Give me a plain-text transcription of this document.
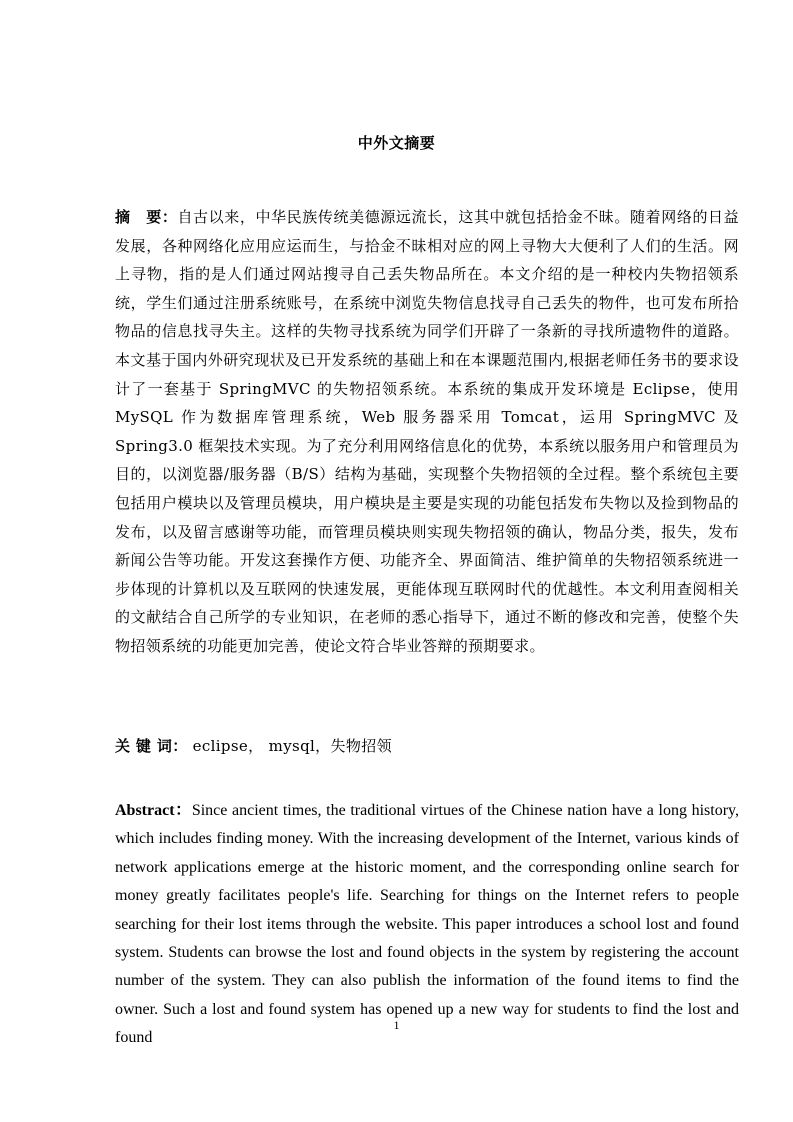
中外文摘要
摘　要：自古以来，中华民族传统美德源远流长，这其中就包括拾金不昧。随着网络的日益发展，各种网络化应用应运而生，与拾金不昧相对应的网上寻物大大便利了人们的生活。网上寻物，指的是人们通过网站搜寻自己丢失物品所在。本文介绍的是一种校内失物招领系统，学生们通过注册系统账号，在系统中浏览失物信息找寻自己丢失的物件，也可发布所拾物品的信息找寻失主。这样的失物寻找系统为同学们开辟了一条新的寻找所遗物件的道路。本文基于国内外研究现状及已开发系统的基础上和在本课题范围内,根据老师任务书的要求设计了一套基于 SpringMVC 的失物招领系统。本系统的集成开发环境是 Eclipse，使用 MySQL 作为数据库管理系统，Web 服务器采用 Tomcat，运用 SpringMVC 及 Spring3.0 框架技术实现。为了充分利用网络信息化的优势，本系统以服务用户和管理员为目的，以浏览器/服务器（B/S）结构为基础，实现整个失物招领的全过程。整个系统包主要包括用户模块以及管理员模块，用户模块是主要是实现的功能包括发布失物以及捡到物品的发布，以及留言感谢等功能，而管理员模块则实现失物招领的确认，物品分类，报失，发布新闻公告等功能。开发这套操作方便、功能齐全、界面简洁、维护简单的失物招领系统进一步体现的计算机以及互联网的快速发展，更能体现互联网时代的优越性。本文利用查阅相关的文献结合自己所学的专业知识，在老师的悉心指导下，通过不断的修改和完善，使整个失物招领系统的功能更加完善，使论文符合毕业答辩的预期要求。
关 键 词： eclipse， mysql，失物招领
Abstract：Since ancient times, the traditional virtues of the Chinese nation have a long history, which includes finding money. With the increasing development of the Internet, various kinds of network applications emerge at the historic moment, and the corresponding online search for money greatly facilitates people's life. Searching for things on the Internet refers to people searching for their lost items through the website. This paper introduces a school lost and found system. Students can browse the lost and found objects in the system by registering the account number of the system. They can also publish the information of the found items to find the owner. Such a lost and found system has opened up a new way for students to find the lost and found
1
